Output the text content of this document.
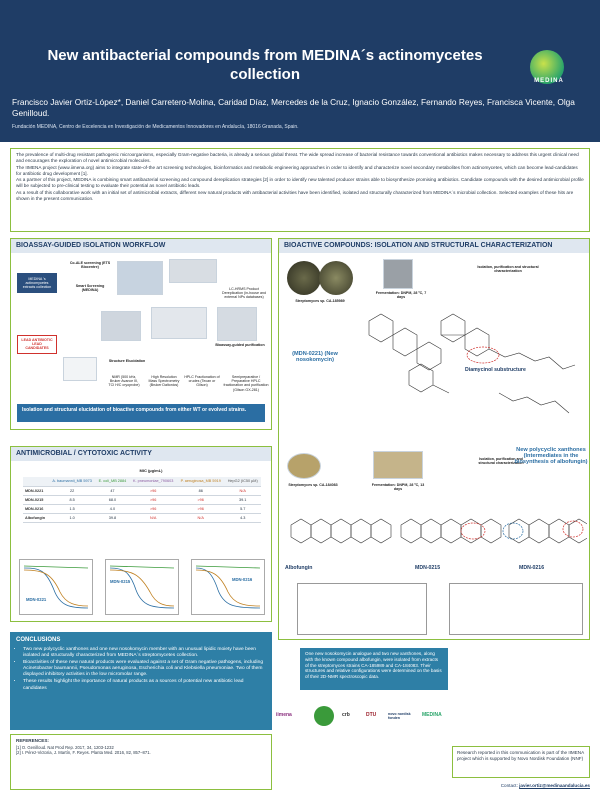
New antibacterial compounds from MEDINA´s actinomycetes collection	MEDINA
Francisco Javier Ortiz-López*, Daniel Carretero-Molina, Caridad Díaz, Mercedes de la Cruz, Ignacio González, Fernando Reyes, Francisca Vicente, Olga Genilloud.
Fundación MEDINA, Centro de Excelencia en Investigación de Medicamentos Innovadores en Andalucía, 18016 Granada, Spain.

The prevalence of multi-drug resistant pathogenic microorganisms, especially Gram-negative bacteria, is already a serious global threat. The wide spread increase of bacterial resistance towards conventional antibiotics makes necessary to address this urgent clinical need and encourages the exploration of novel antimicrobial molecules.

The IIMENA project (www.iimena.org) aims to integrate state-of-the art screening technologies, bioinformatics and metabolic engineering approaches in order to identify and characterize novel secondary metabolites from actinomycetes, which can become lead-candidates for antibiotic drug development [1].

As a partner of this project, MEDINA is combining smart antibacterial screening and compound dereplication strategies [2] in order to identify new talented producer strains able to biosynthesize promising antibiotics. Candidate compounds with the desired antimicrobial profile will be subjected to pre-clinical testing to evaluate their potential as novel antibiotic leads.

As a result of this collaborative work with an initial set of antimicrobial extracts, different new natural products with antibacterial activities have been identified, isolated and structurally characterized from MEDINA´s microbial collection. Selected examples of these hits are shown in the present communication.

BIOASSAY-GUIDED ISOLATION WORKFLOW
MEDINA ’s actinomycetes extracts collection
Co-ALE screening (ETS Biocentre)
Smart Screening (MEDINA)	LC-HRMS Product Dereplication (in-house and external NPs databases)
LEAD ANTIBIOTIC LEAD CANDIDATES
Bioassay-guided purification
Structure Elucidation
NMR (500 kHz, Bruker Avance III, TCI H/C cryoprobe)
High Resolution Mass Spectrometry (Bruker Daltonics)
HPLC Fractionation of crudes (Tecan or Gilson)
Semipreparative / Preparative HPLC fractionation and purification (Gilson GX-281)
Isolation and structural elucidation of bioactive compounds from either WT or evolved strains.
BIOACTIVE COMPOUNDS: ISOLATION AND STRUCTURAL CHARACTERIZATION
Streptomyces sp. CA-185989
Fermentation: DNPM, 28 ºC, 7 days
Isolation, purification and structural characterization
(MDN-0221) (New nosokomycin)
Diamycinol substructure
Streptomyces sp. CA-184083	Fermentation: DNPM, 28 ºC, 13 days
Isolation, purification and structural characterization
New polycyclic xanthones (Intermediates in the biosynthesis of albofungin)
Albofungin	MDN-0215	MDN-0216
ANTIMICROBIAL / CYTOTOXIC ACTIVITY
MIC (µg/mL)
	A. baumannii_MB 5973	E. coli_MB 2884	K. pneumoniae_790603	P. aeruginosa_MB 5919	HepG2 (IC50 µM)
MDN-0221	22	47	>96	86	N/A
MDN-0215	8.5	68.0	>96	>96	39.1
MDN-0216	1.5	4.0	>96	>96	5.7
Albofungin	1.0	39.8	N/A	N/A	4.3
MDN-0221
MDN-0215	MDN-0216
CONCLUSIONS
• Two new polycyclic xanthones and one new nosokomycin member with an unusual lipidic moiety have been isolated and structurally characterized from MEDINA´s streptomycetes collection.
• Bioactivities of these new natural products were evaluated against a set of Gram negative pathogens, including Acinetobacter baumannii, Pseudomonas aeruginosa, Escherichia coli and Klebsiella pneumoniae. Two of them displayed inhibitory activities in the low micromolar range.
• These results highlight the importance of natural products as a sources of potential new antibiotic lead candidates
REFERENCES:
[1] O. Genilloud. Nat Prod Rep. 2017, 34, 1203-1232
[2] I. Pérez-Victoria, J. Martín, F. Reyes. Planta Med. 2016, 82, 857–871.
One new nosokomycin analogue and two new xanthones, along with the known compound albofungin, were isolated from extracts of the streptomyces strains CA-185989 and CA-184083. Their structures and relative configurations were determined on the basis of their 2D-NMR spectroscopic data.
iimena	crb	DTU	novo nordisk fonden	MEDINA
Research reported in this communication is part of the IIMENA project which is supported by Novo Nordisk Foundation (NNF)
Contact: javier.ortiz@medinaandalucia.es
